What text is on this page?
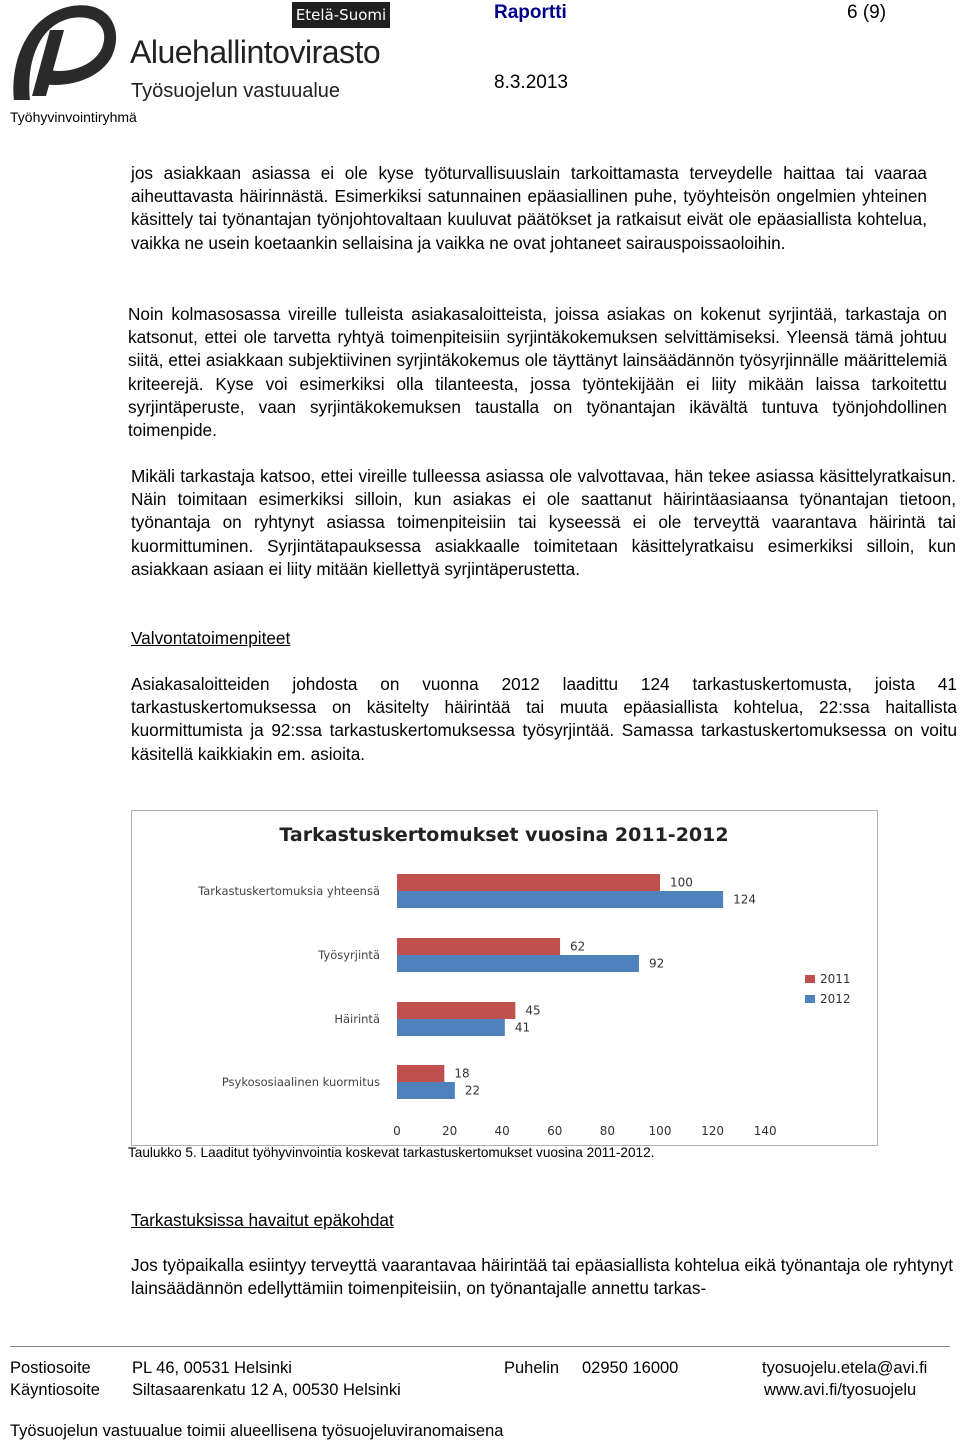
Etelä-Suomi
Aluehallintovirasto
Työsuojelun vastuualue
Työhyvinvointiryhmä
Raportti	6 (9)
8.3.2013
jos asiakkaan asiassa ei ole kyse työturvallisuuslain tarkoittamasta terveydelle haittaa tai vaaraa aiheuttavasta häirinnästä. Esimerkiksi satunnainen epäasiallinen puhe, työyhteisön ongelmien yhteinen käsittely tai työnantajan työnjohtovaltaan kuuluvat päätökset ja ratkaisut eivät ole epäasiallista kohtelua, vaikka ne usein koetaankin sellaisina ja vaikka ne ovat johtaneet sairauspoissaoloihin.
Noin kolmasosassa vireille tulleista asiakasaloitteista, joissa asiakas on kokenut syrjintää, tarkastaja on katsonut, ettei ole tarvetta ryhtyä toimenpiteisiin syrjintäkokemuksen selvittämiseksi. Yleensä tämä johtuu siitä, ettei asiakkaan subjektiivinen syrjintäkokemus ole täyttänyt lainsäädännön työsyrjinnälle määrittelemiä kriteerejä. Kyse voi esimerkiksi olla tilanteesta, jossa työntekijään ei liity mikään laissa tarkoitettu syrjintäperuste, vaan syrjintäkokemuksen taustalla on työnantajan ikävältä tuntuva työnjohdollinen toimenpide.
Mikäli tarkastaja katsoo, ettei vireille tulleessa asiassa ole valvottavaa, hän tekee asiassa käsittelyratkaisun. Näin toimitaan esimerkiksi silloin, kun asiakas ei ole saattanut häirintäasiaansa työnantajan tietoon, työnantaja on ryhtynyt asiassa toimenpiteisiin tai kyseessä ei ole terveyttä vaarantava häirintä tai kuormittuminen. Syrjintätapauksessa asiakkaalle toimitetaan käsittelyratkaisu esimerkiksi silloin, kun asiakkaan asiaan ei liity mitään kiellettyä syrjintäperustetta.
Valvontatoimenpiteet
Asiakasaloitteiden johdosta on vuonna 2012 laadittu 124 tarkastuskertomusta, joista 41 tarkastuskertomuksessa on käsitelty häirintää tai muuta epäasiallista kohtelua, 22:ssa haitallista kuormittumista ja 92:ssa tarkastuskertomuksessa työsyrjintää. Samassa tarkastuskertomuksessa on voitu käsitellä kaikkiakin em. asioita.
Tarkastuskertomukset vuosina 2011-2012
Tarkastuskertomuksia yhteensä
100
124
Työsyrjintä
62
92
Häirintä
45
41
Psykososiaalinen kuormitus
18
22
0	20	40	60	80	100 120 140
2011
2012
Taulukko 5. Laaditut työhyvinvointia koskevat tarkastuskertomukset vuosina 2011-2012.
Tarkastuksissa havaitut epäkohdat
Jos työpaikalla esiintyy terveyttä vaarantavaa häirintää tai epäasiallista kohtelua eikä työnantaja ole ryhtynyt lainsäädännön edellyttämiin toimenpiteisiin, on työnantajalle annettu tarkas-
Postiosoite	PL 46, 00531 Helsinki	Puhelin 02950 16000	tyosuojelu.etela@avi.fi
Käyntiosoite Siltasaarenkatu 12 A, 00530 Helsinki	www.avi.fi/tyosuojelu
Työsuojelun vastuualue toimii alueellisena työsuojeluviranomaisena
